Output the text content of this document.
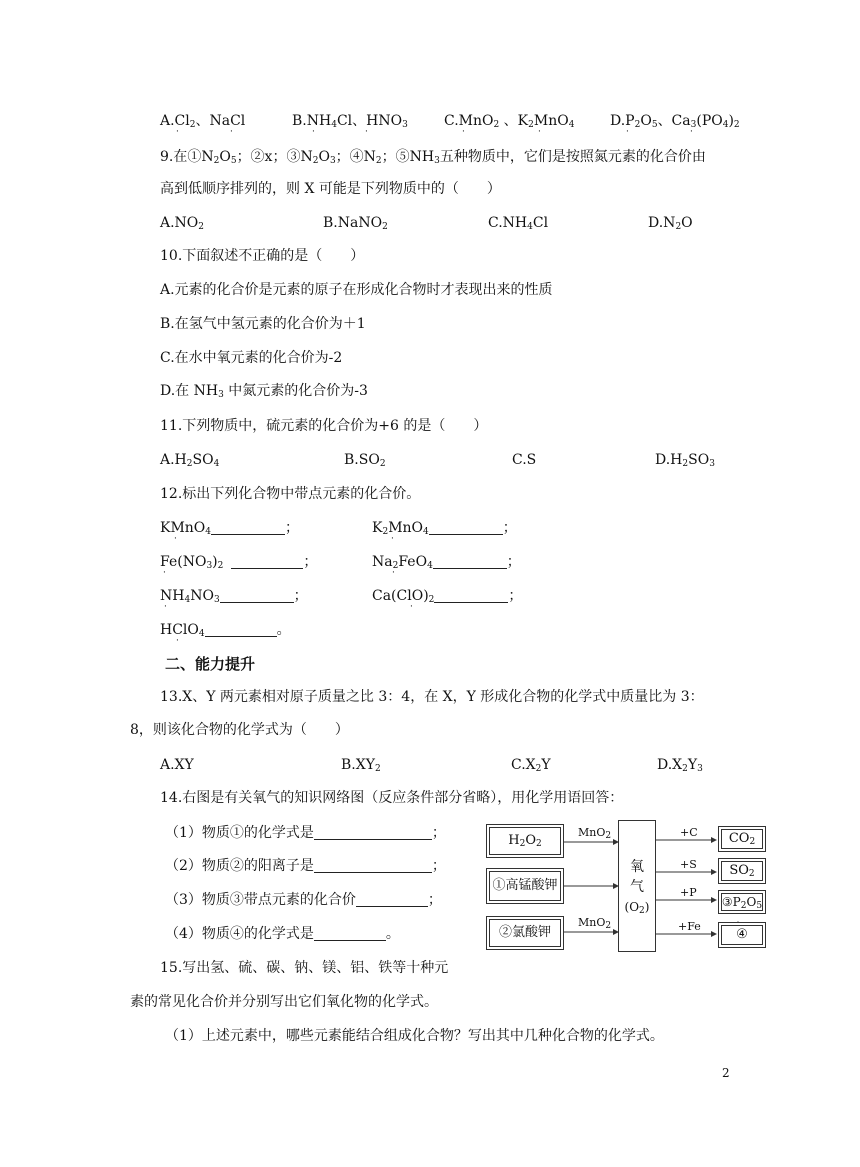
$A.Cl_2$、NaCl
·	·
$B.NH_4Cl$、$HNO_3$
·	·
C.MnO$_2$ 、$K_2MnO_4$
·	·
$D.P_2O_5$、$Ca_3(PO_4)_2$
·	·
9.在$①N_2O_5$；②x；$③N_2O_3$；$④N_2$；$⑤NH_3$五种物质中，它们是按照氮元素的化合价由
高到低顺序排列的，则 X 可能是下列物质中的（　　）
$A.NO_2$	B.NaNO$_2$	$C.NH_4Cl$	$D.N_2O$
10.下面叙述不正确的是（　　）
A.元素的化合价是元素的原子在形成化合物时才表现出来的性质
B.在氢气中氢元素的化合价为＋1
C.在水中氧元素的化合价为-2
D.在 $NH_3$ 中氮元素的化合价为-3
11.下列物质中，硫元素的化合价为+6 的是（　　）
$A.H_2SO_4$	$B.SO_2$	C.S	$D.H_2SO_3$
12.标出下列化合物中带点元素的化合价。
KMnO$_4$	；	$K_2MnO_4$	；
·	·
$Fe(NO_3)_2$	；	$Na_2FeO_4$	；
·	·
$NH_4NO_3$	；	$Ca(ClO)_2$	；
·	·
HClO$_4$	。
·
二、能力提升
13.X、Y 两元素相对原子质量之比 3：4，在 X，Y 形成化合物的化学式中质量比为 3：
8，则该化合物的化学式为（　　）
A.XY	$B.XY_2$	$C.X_2Y$	$D.X_2Y_3$
14.右图是有关氧气的知识网络图（反应条件部分省略），用化学用语回答：
（1）物质①的化学式是	；
（2）物质②的阳离子是	；
（3）物质③带点元素的化合价	；
（4）物质④的化学式是	。
$H_2O_2$
①高锰酸钾
②氯酸钾
MnO$_2$
MnO$_2$
氧
气
$(O_2)$
+C
+S
+P
+Fe
$CO_2$
$SO_2$
$③P_2O_5$
④
15.写出氢、硫、碳、钠、镁、铝、铁等十种元
素的常见化合价并分别写出它们氧化物的化学式。
（1）上述元素中，哪些元素能结合组成化合物？写出其中几种化合物的化学式。
2
